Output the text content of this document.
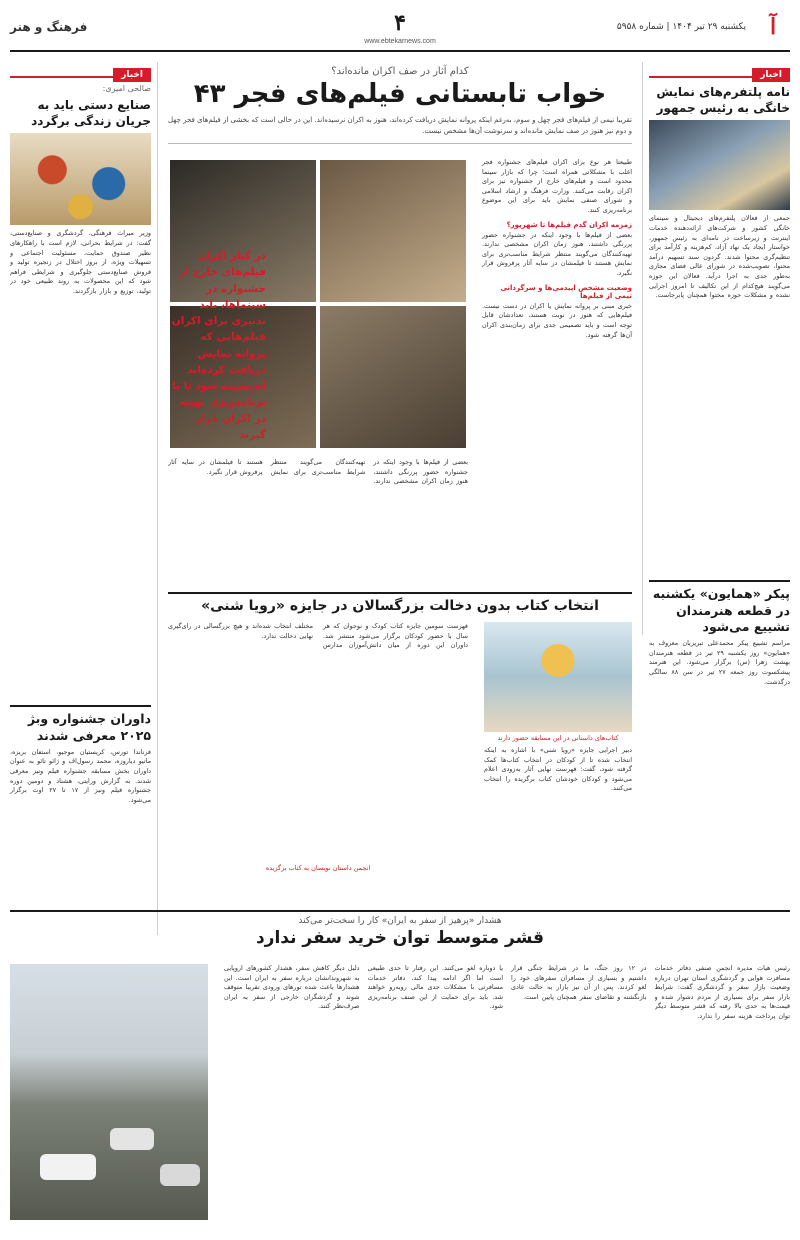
آ
یکشنبه ۲۹ تیر ۱۴۰۴ | شماره ۵۹۵۸
۴
www.ebtekarnews.com
فرهنگ و هنر
اخبار
نامه پلتفرم‌های نمایش خانگی به رئیس جمهور
جمعی از فعالان پلتفرم‌های دیجیتال و سینمای خانگی کشور و شرکت‌های ارائه‌دهنده خدمات اینترنت و زیرساخت در نامه‌ای به رئیس جمهور، خواستار ایجاد یک نهاد آزاد، کم‌هزینه و کارآمد برای تنظیم‌گری محتوا شدند. گردون سند تسهیم درآمد محتوا، تصویب‌شده در شورای عالی فضای مجازی به‌طور جدی به اجرا درآید. فعالان این حوزه می‌گویند هیچ‌کدام از این تکالیف تا امروز اجرایی نشده و مشکلات حوزه محتوا همچنان پابرجاست.
پیکر «همایون» یکشنبه در قطعه هنرمندان تشییع می‌شود
مراسم تشییع پیکر محمدعلی تبریزیان معروف به «همایون» روز یکشنبه ۲۹ تیر در قطعه هنرمندان بهشت زهرا (س) برگزار می‌شود. این هنرمند پیشکسوت روز جمعه ۲۷ تیر در سن ۸۸ سالگی درگذشت.
اخبار
صالحی امیری:
صنایع دستی باید به جریان زندگی برگردد
وزیر میراث فرهنگی، گردشگری و صنایع‌دستی، گفت: در شرایط بحرانی، لازم است با راهکارهای نظیر صندوق حمایت، مسئولیت اجتماعی و تسهیلات ویژه، از بروز اختلال در زنجیره تولید و فروش صنایع‌دستی جلوگیری و شرایطی فراهم شود که این محصولات به روند طبیعی خود در تولید، توزیع و بازار بازگردند.
داوران جشنواره وبژ ۲۰۲۵ معرفی شدند
فرناندا تورس، کریستیان موجیو، استفان بریزه، ماتیو دیاروزه، محمد رسول‌اف و ژائو تائو به عنوان داوران بخش مسابقه جشنواره فیلم ونیز معرفی شدند. به گزارش ورایتی، هشتاد و دومین دوره جشنواره فیلم ونیز از ۱۷ تا ۲۷ اوت برگزار می‌شود.
کدام آثار در صف اکران مانده‌اند؟
خواب تابستانی فیلم‌های فجر ۴۳
تقریبا نیمی از فیلم‌های فجر چهل و سوم، به‌رغم اینکه پروانه نمایش دریافت کرده‌اند، هنوز به اکران نرسیده‌اند. این در حالی است که بخشی از فیلم‌های فجر چهل و دوم نیز هنوز در صف نمایش مانده‌اند و سرنوشت آن‌ها مشخص نیست.
طبیعتا هر نوع برای اکران فیلم‌های جشنواره فجر اغلب با مشکلاتی همراه است؛ چرا که بازار سینما محدود است و فیلم‌های خارج از جشنواره نیز برای اکران رقابت می‌کنند. وزارت فرهنگ و ارشاد اسلامی و شورای صنفی نمایش باید برای این موضوع برنامه‌ریزی کنند.
زمزمه اکران گدم فیلم‌ها تا شهریور؟
بعضی از فیلم‌ها با وجود اینکه در جشنواره حضور پررنگی داشتند، هنوز زمان اکران مشخصی ندارند. تهیه‌کنندگان می‌گویند منتظر شرایط مناسب‌تری برای نمایش هستند تا فیلمشان در سایه آثار پرفروش قرار نگیرد.
وضعیت مشخص اپیدمی‌ها و سرگردانی تیمی از فیلم‌ها
خبری مبنی بر پروانه نمایش یا اکران در دست نیست. فیلم‌هایی که هنوز در نوبت هستند، تعدادشان قابل توجه است و باید تصمیمی جدی برای زمان‌بندی اکران آن‌ها گرفته شود.
بعضی از فیلم‌ها با وجود اینکه در جشنواره حضور پررنگی داشتند، هنوز زمان اکران مشخصی ندارند. تهیه‌کنندگان می‌گویند منتظر شرایط مناسب‌تری برای نمایش هستند تا فیلمشان در سایه آثار پرفروش قرار نگیرد.
در کنار اکران فیلم‌های خارج از جشنواره در سینماها، باید تدبیری برای اکران فیلم‌هایی که پروانه نمایش دریافت کرده‌اند اندیشیده شود تا با برنامه‌ریزی بهینه در اکران قرار گیرند
انتخاب کتاب بدون دخالت بزرگسالان در جایزه «رویا شنی»
کتاب‌های داستانی در این مسابقه حضور دارند
دبیر اجرایی جایزه «رویا شنی» با اشاره به اینکه انتخاب شده تا از کودکان در انتخاب کتاب‌ها کمک گرفته شود، گفت: فهرست نهایی آثار به‌زودی اعلام می‌شود و کودکان خودشان کتاب برگزیده را انتخاب می‌کنند.
فهرست سومین جایزه کتاب کودک و نوجوان که هر سال با حضور کودکان برگزار می‌شود منتشر شد. داوران این دوره از میان دانش‌آموزان مدارس مختلف انتخاب شده‌اند و هیچ بزرگسالی در رای‌گیری نهایی دخالت ندارد.
انجمن داستان نویسان به کتاب برگزیده
هشدار «پرهیز از سفر به ایران» کار را سخت‌تر می‌کند
قشر متوسط توان خرید سفر ندارد
رئیس هیات مدیره انجمن صنفی دفاتر خدمات مسافرت هوایی و گردشگری استان تهران درباره وضعیت بازار سفر و گردشگری گفت: شرایط بازار سفر برای بسیاری از مردم دشوار شده و قیمت‌ها به حدی بالا رفته که قشر متوسط دیگر توان پرداخت هزینه سفر را ندارد.
در ۱۲ روز جنگ، ما در شرایط جنگی قرار داشتیم و بسیاری از مسافران سفرهای خود را لغو کردند. پس از آن نیز بازار به حالت عادی بازنگشته و تقاضای سفر همچنان پایین است.
یا دوباره لغو می‌کنند. این رفتار تا حدی طبیعی است اما اگر ادامه پیدا کند، دفاتر خدمات مسافرتی با مشکلات جدی مالی روبه‌رو خواهند شد. باید برای حمایت از این صنف برنامه‌ریزی شود.
دلیل دیگر کاهش سفر، هشدار کشورهای اروپایی به شهروندانشان درباره سفر به ایران است. این هشدارها باعث شده تورهای ورودی تقریبا متوقف شوند و گردشگران خارجی از سفر به ایران صرف‌نظر کنند.
